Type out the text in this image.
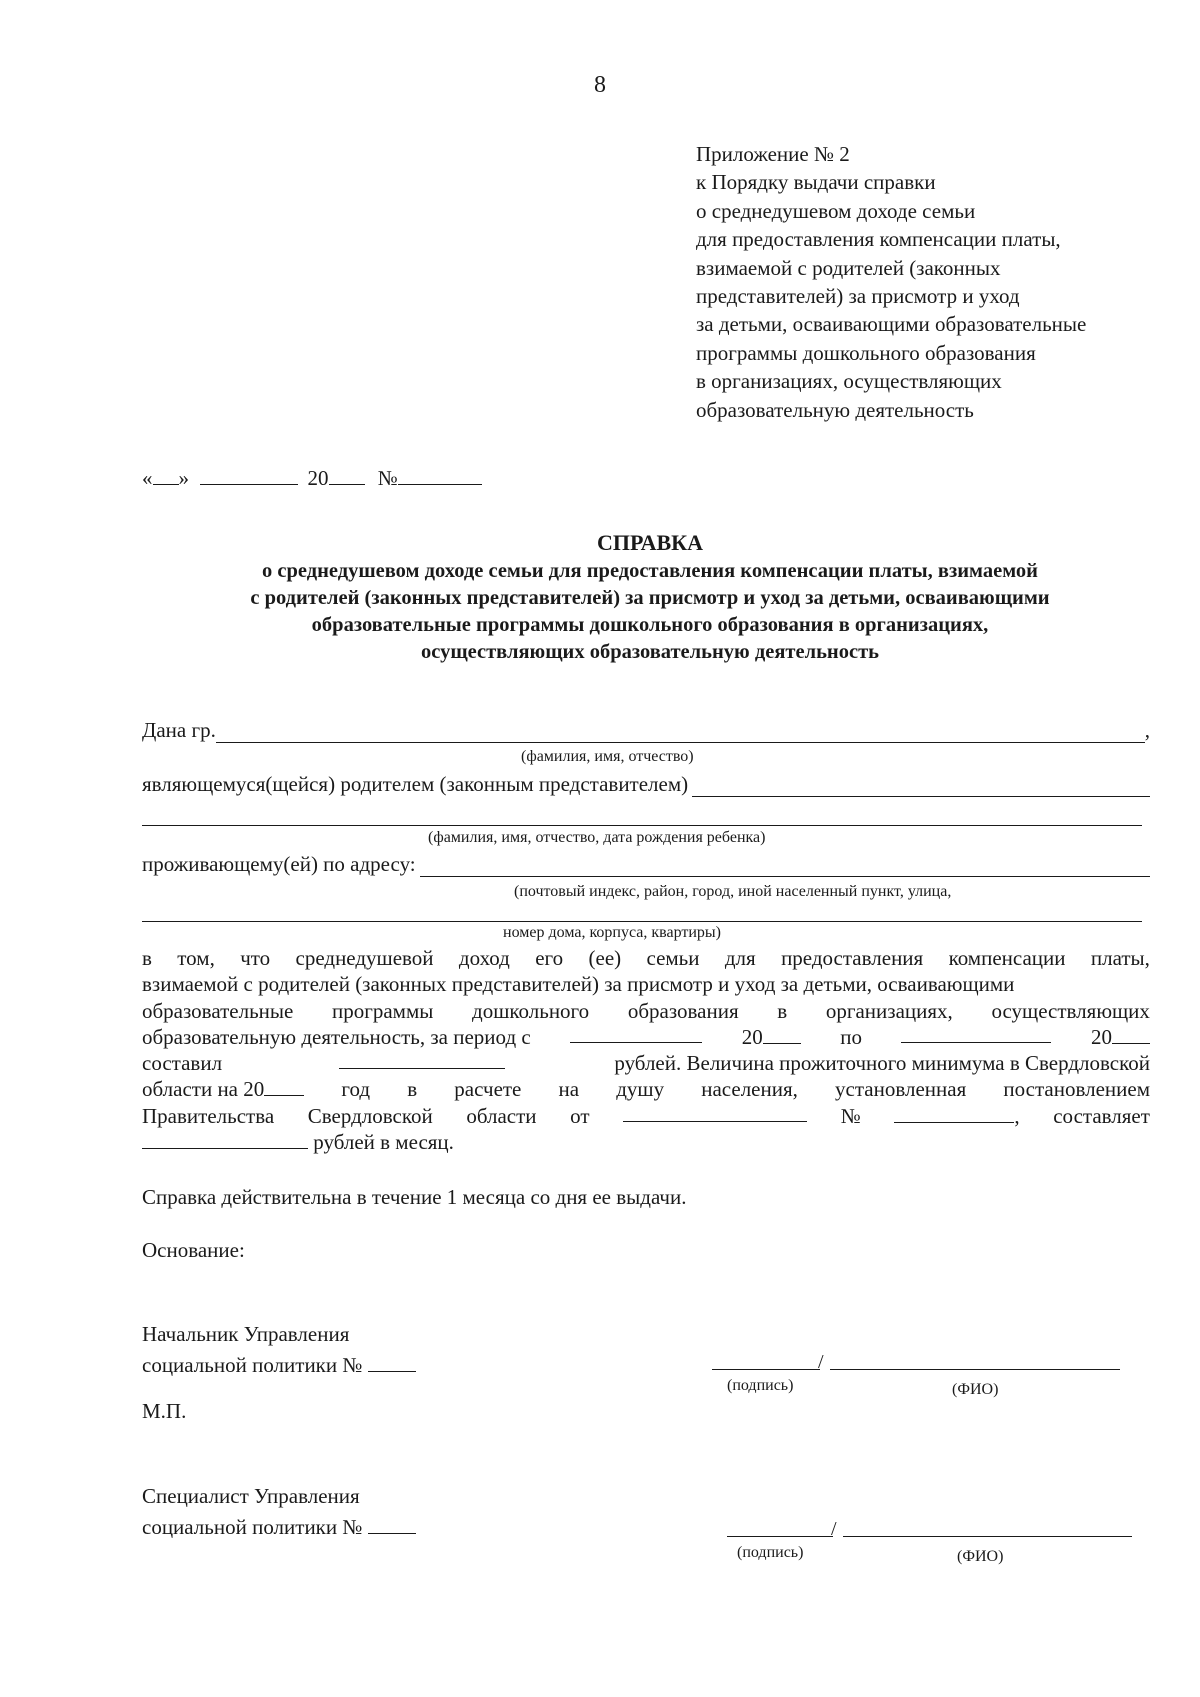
8
Приложение № 2
к Порядку выдачи справки
о среднедушевом доходе семьи
для предоставления компенсации платы,
взимаемой с родителей (законных
представителей) за присмотр и уход
за детьми, осваивающими образовательные
программы дошкольного образования
в организациях, осуществляющих
образовательную деятельность
« »	20 №
СПРАВКА
о среднедушевом доходе семьи для предоставления компенсации платы, взимаемой
с родителей (законных представителей) за присмотр и уход за детьми, осваивающими
образовательные программы дошкольного образования в организациях,
осуществляющих образовательную деятельность
Дана гр.	,
(фамилия, имя, отчество)
являющемуся(щейся) родителем (законным представителем)
(фамилия, имя, отчество, дата рождения ребенка)
проживающему(ей) по адресу:
(почтовый индекс, район, город, иной населенный пункт, улица,
номер дома, корпуса, квартиры)
в том, что среднедушевой доход его (ее) семьи для предоставления компенсации платы,
взимаемой с родителей (законных представителей) за присмотр и уход за детьми, осваивающими
образовательные программы дошкольного образования в организациях, осуществляющих
образовательную деятельность, за период с	20	по	20
составил	рублей. Величина прожиточного минимума в Свердловской
области на 20	год в расчете на душу населения, установленная постановлением
Правительства Свердловской области от	№	, составляет
рублей в месяц.
Справка действительна в течение 1 месяца со дня ее выдачи.
Основание:
Начальник Управления
социальной политики №	/
(подпись)	(ФИО)
М.П.
Специалист Управления
социальной политики №	/
(подпись)	(ФИО)
